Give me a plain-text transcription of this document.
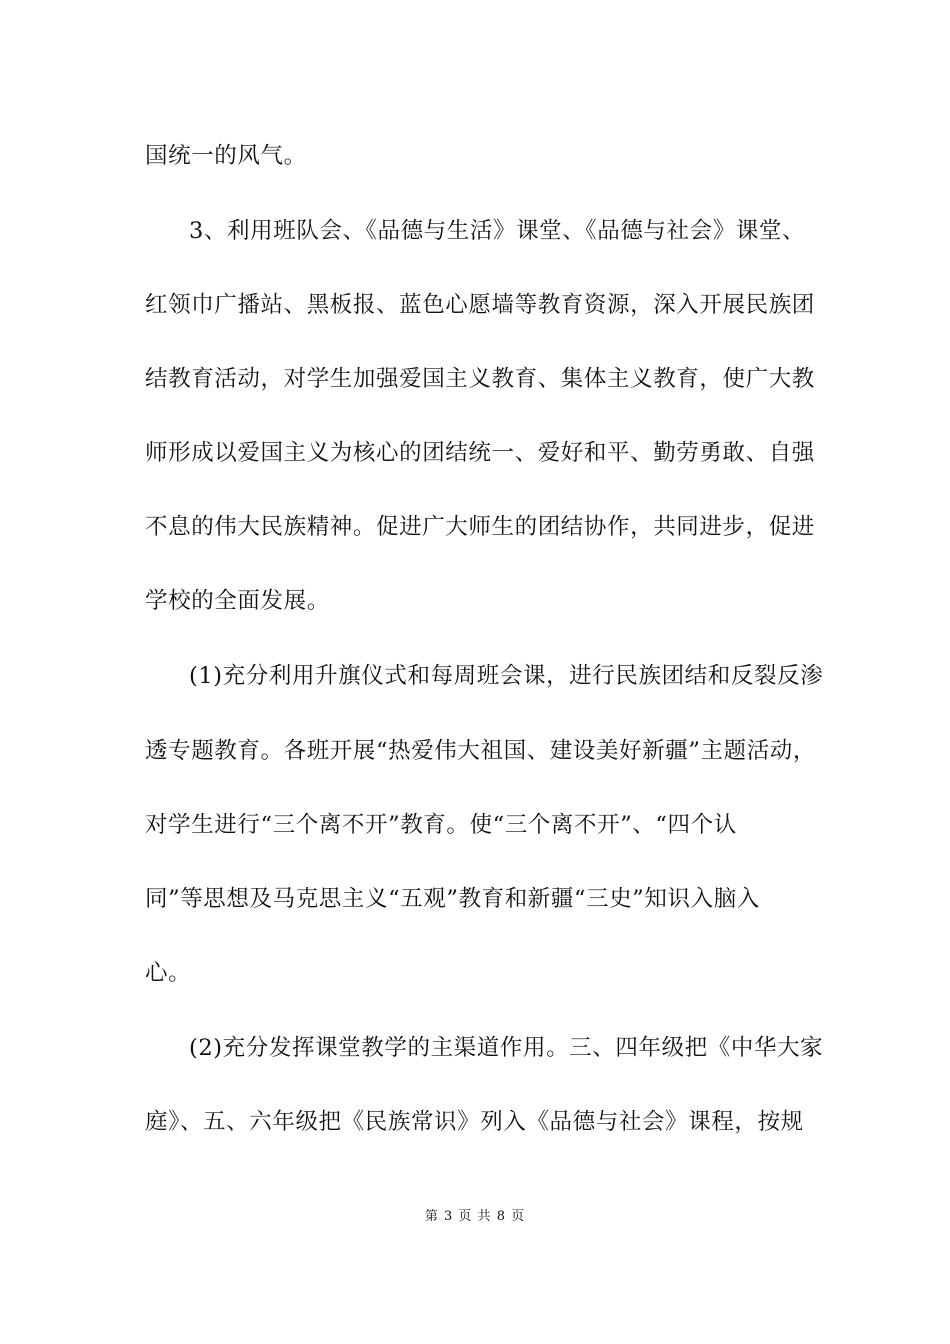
国统一的风气。
3、利用班队会、《品德与生活》课堂、《品德与社会》课堂、
红领巾广播站、黑板报、蓝色心愿墙等教育资源，深入开展民族团
结教育活动，对学生加强爱国主义教育、集体主义教育，使广大教
师形成以爱国主义为核心的团结统一、爱好和平、勤劳勇敢、自强
不息的伟大民族精神。促进广大师生的团结协作，共同进步，促进
学校的全面发展。
(1)充分利用升旗仪式和每周班会课，进行民族团结和反裂反渗
透专题教育。各班开展“热爱伟大祖国、建设美好新疆”主题活动，
对学生进行“三个离不开”教育。使“三个离不开”、“四个认
同”等思想及马克思主义“五观”教育和新疆“三史”知识入脑入
心。
(2)充分发挥课堂教学的主渠道作用。三、四年级把《中华大家
庭》、五、六年级把《民族常识》列入《品德与社会》课程，按规
第 3 页 共 8 页
